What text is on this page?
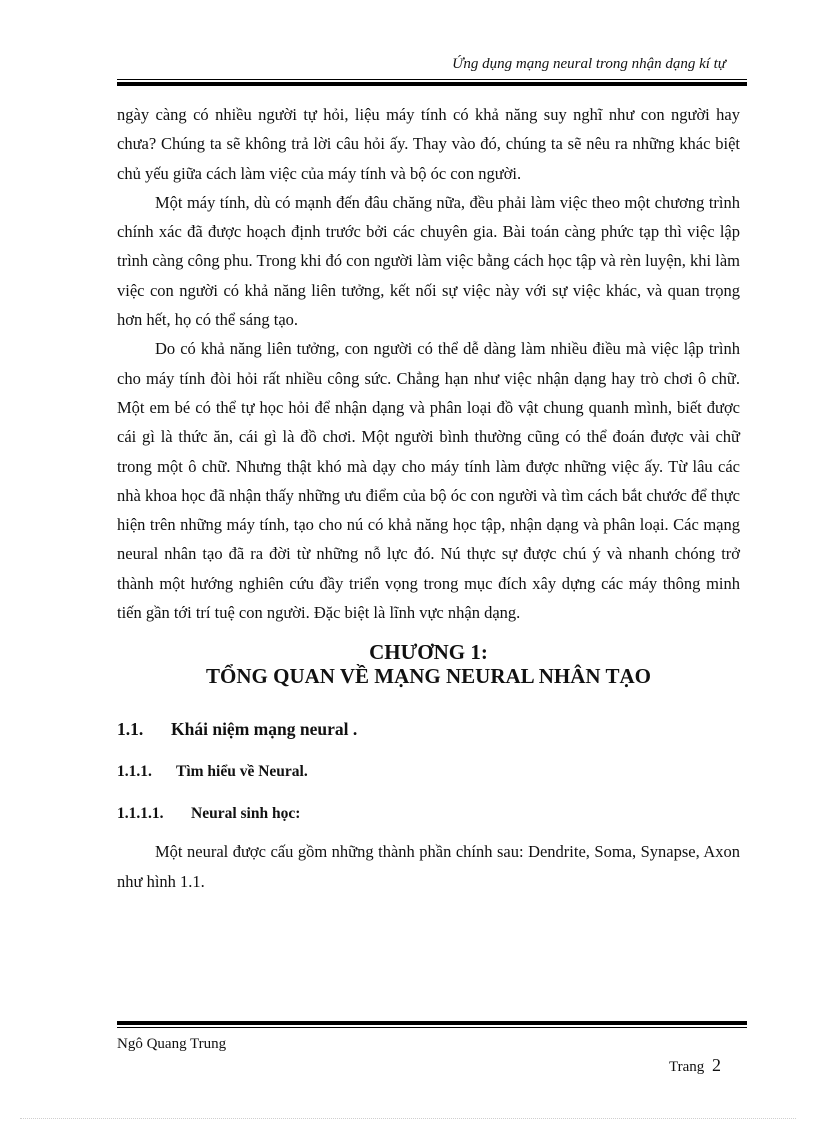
Ứng dụng mạng neural trong nhận dạng kí tự

ngày càng có nhiều người tự hỏi, liệu máy tính có khả năng suy nghĩ như con người hay chưa? Chúng ta sẽ không trả lời câu hỏi ấy. Thay vào đó, chúng ta sẽ nêu ra những khác biệt chủ yếu giữa cách làm việc của máy tính và bộ óc con người.

Một máy tính, dù có mạnh đến đâu chăng nữa, đều phải làm việc theo một chương trình chính xác đã được hoạch định trước bởi các chuyên gia. Bài toán càng phức tạp thì việc lập trình càng công phu. Trong khi đó con người làm việc bằng cách học tập và rèn luyện, khi làm việc con người có khả năng liên tưởng, kết nối sự việc này với sự việc khác, và quan trọng hơn hết, họ có thể sáng tạo.

Do có khả năng liên tưởng, con người có thể dễ dàng làm nhiều điều mà việc lập trình cho máy tính đòi hỏi rất nhiều công sức. Chẳng hạn như việc nhận dạng hay trò chơi ô chữ. Một em bé có thể tự học hỏi để nhận dạng và phân loại đồ vật chung quanh mình, biết được cái gì là thức ăn, cái gì là đồ chơi. Một người bình thường cũng có thể đoán được vài chữ trong một ô chữ. Nhưng thật khó mà dạy cho máy tính làm được những việc ấy. Từ lâu các nhà khoa học đã nhận thấy những ưu điểm của bộ óc con người và tìm cách bắt chước để thực hiện trên những máy tính, tạo cho nú có khả năng học tập, nhận dạng và phân loại. Các mạng neural nhân tạo đã ra đời từ những nỗ lực đó. Nú thực sự được chú ý và nhanh chóng trở thành một hướng nghiên cứu đầy triển vọng trong mục đích xây dựng các máy thông minh tiến gần tới trí tuệ con người. Đặc biệt là lĩnh vực nhận dạng.

CHƯƠNG 1:
TỔNG QUAN VỀ MẠNG NEURAL NHÂN TẠO
1.1. Khái niệm mạng neural .
1.1.1. Tìm hiểu về Neural.
1.1.1.1. Neural sinh học:

Một neural được cấu gồm những thành phần chính sau: Dendrite, Soma, Synapse, Axon như hình 1.1.

Ngô Quang Trung
Trang 2
